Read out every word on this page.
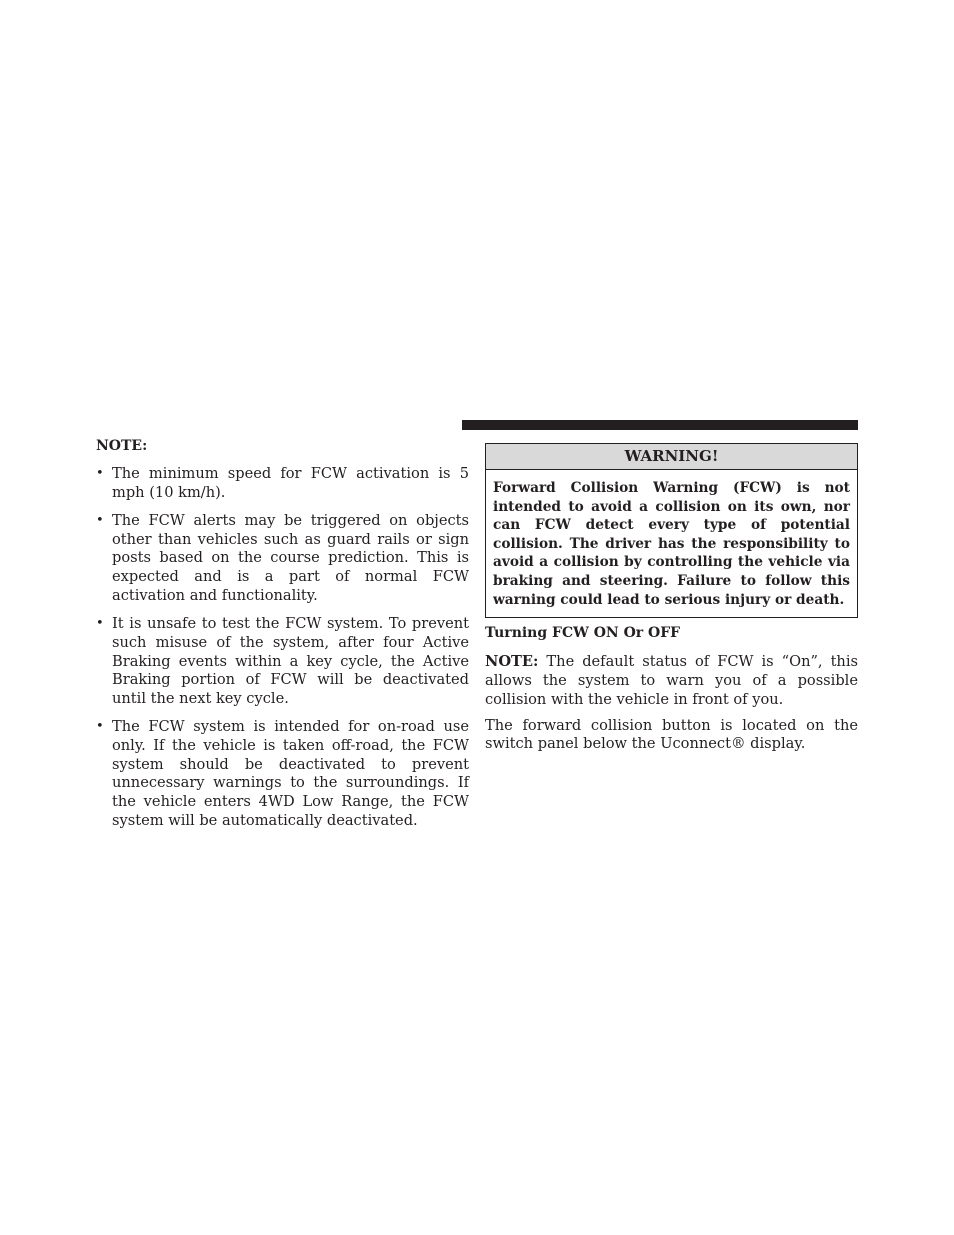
NOTE:
• The minimum speed for FCW activation is 5 mph (10 km/h).
• The FCW alerts may be triggered on objects other than vehicles such as guard rails or sign posts based on the course prediction. This is expected and is a part of normal FCW activation and functionality.
• It is unsafe to test the FCW system. To prevent such misuse of the system, after four Active Braking events within a key cycle, the Active Braking portion of FCW will be deactivated until the next key cycle.
• The FCW system is intended for on-road use only. If the vehicle is taken off-road, the FCW system should be deactivated to prevent unnecessary warnings to the surroundings. If the vehicle enters 4WD Low Range, the FCW system will be automatically deactivated.
WARNING!
Forward Collision Warning (FCW) is not intended to avoid a collision on its own, nor can FCW detect every type of potential collision. The driver has the responsibility to avoid a collision by controlling the vehicle via braking and steering. Failure to follow this warning could lead to serious injury or death.
Turning FCW ON Or OFF

NOTE: The default status of FCW is “On”, this allows the system to warn you of a possible collision with the vehicle in front of you.

The forward collision button is located on the switch panel below the Uconnect® display.
